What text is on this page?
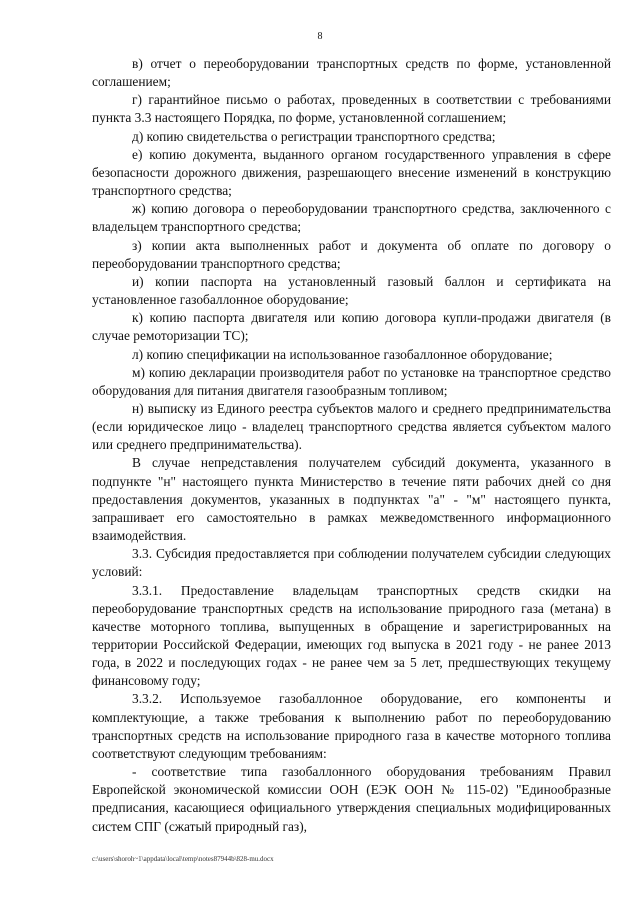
8

в) отчет о переоборудовании транспортных средств по форме, установленной соглашением;

г) гарантийное письмо о работах, проведенных в соответствии с требованиями пункта 3.3 настоящего Порядка, по форме, установленной соглашением;

д) копию свидетельства о регистрации транспортного средства;

е) копию документа, выданного органом государственного управления в сфере безопасности дорожного движения, разрешающего внесение изменений в конструкцию транспортного средства;

ж) копию договора о переоборудовании транспортного средства, заключенного с владельцем транспортного средства;

з) копии акта выполненных работ и документа об оплате по договору о переоборудовании транспортного средства;

и) копии паспорта на установленный газовый баллон и сертификата на установленное газобаллонное оборудование;

к) копию паспорта двигателя или копию договора купли-продажи двигателя (в случае ремоторизации ТС);

л) копию спецификации на использованное газобаллонное оборудование;

м) копию декларации производителя работ по установке на транспортное средство оборудования для питания двигателя газообразным топливом;

н) выписку из Единого реестра субъектов малого и среднего предпринимательства (если юридическое лицо - владелец транспортного средства является субъектом малого или среднего предпринимательства).

В случае непредставления получателем субсидий документа, указанного в подпункте "н" настоящего пункта Министерство в течение пяти рабочих дней со дня предоставления документов, указанных в подпунктах "а" - "м" настоящего пункта, запрашивает его самостоятельно в рамках межведомственного информационного взаимодействия.

3.3. Субсидия предоставляется при соблюдении получателем субсидии следующих условий:

3.3.1. Предоставление владельцам транспортных средств скидки на переоборудование транспортных средств на использование природного газа (метана) в качестве моторного топлива, выпущенных в обращение и зарегистрированных на территории Российской Федерации, имеющих год выпуска в 2021 году - не ранее 2013 года, в 2022 и последующих годах - не ранее чем за 5 лет, предшествующих текущему финансовому году;

3.3.2. Используемое газобаллонное оборудование, его компоненты и комплектующие, а также требования к выполнению работ по переоборудованию транспортных средств на использование природного газа в качестве моторного топлива соответствуют следующим требованиям:

- соответствие типа газобаллонного оборудования требованиям Правил Европейской экономической комиссии ООН (ЕЭК ООН № 115-02) "Единообразные предписания, касающиеся официального утверждения специальных модифицированных систем СПГ (сжатый природный газ),

c:\users\shoroh~1\appdata\local\temp\notes87944b\828-mu.docx
